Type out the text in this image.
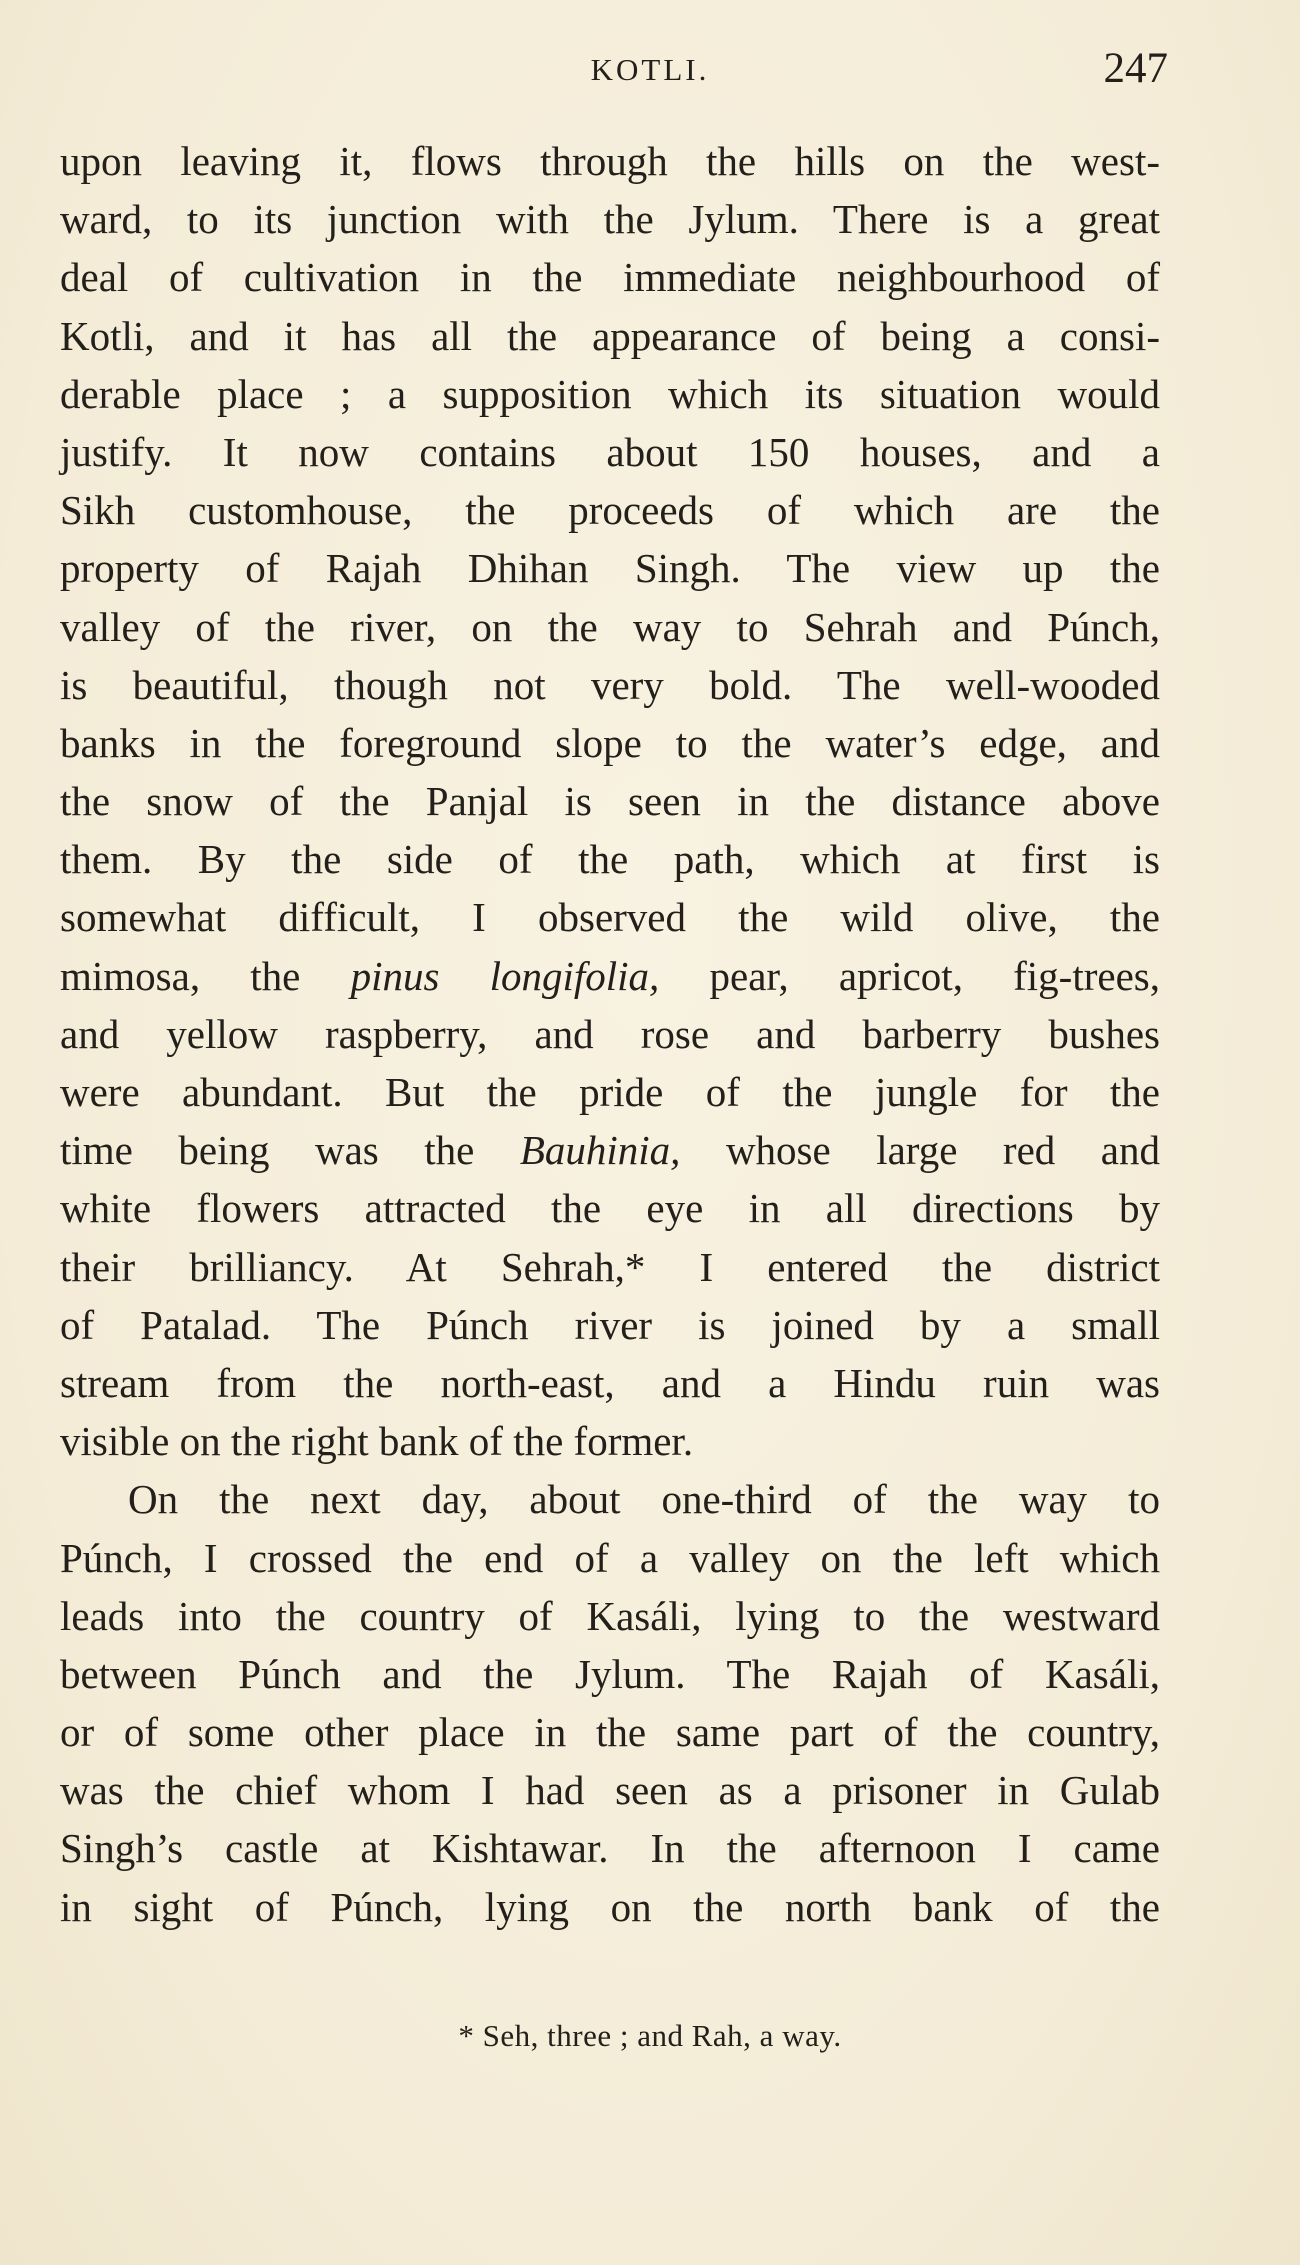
KOTLI.	247
upon leaving it, flows through the hills on the west-
ward, to its junction with the Jylum. There is a great
deal of cultivation in the immediate neighbourhood of
Kotli, and it has all the appearance of being a consi-
derable place ; a supposition which its situation would
justify. It now contains about 150 houses, and a
Sikh customhouse, the proceeds of which are the
property of Rajah Dhihan Singh. The view up the
valley of the river, on the way to Sehrah and Púnch,
is beautiful, though not very bold. The well-wooded
banks in the foreground slope to the water’s edge, and
the snow of the Panjal is seen in the distance above
them. By the side of the path, which at first is
somewhat difficult, I observed the wild olive, the
mimosa, the pinus longifolia, pear, apricot, fig-trees,
and yellow raspberry, and rose and barberry bushes
were abundant. But the pride of the jungle for the
time being was the Bauhinia, whose large red and
white flowers attracted the eye in all directions by
their brilliancy. At Sehrah,* I entered the district
of Patalad. The Púnch river is joined by a small
stream from the north-east, and a Hindu ruin was
visible on the right bank of the former.
On the next day, about one-third of the way to
Púnch, I crossed the end of a valley on the left which
leads into the country of Kasáli, lying to the westward
between Púnch and the Jylum. The Rajah of Kasáli,
or of some other place in the same part of the country,
was the chief whom I had seen as a prisoner in Gulab
Singh’s castle at Kishtawar. In the afternoon I came
in sight of Púnch, lying on the north bank of the
* Seh, three ; and Rah, a way.
